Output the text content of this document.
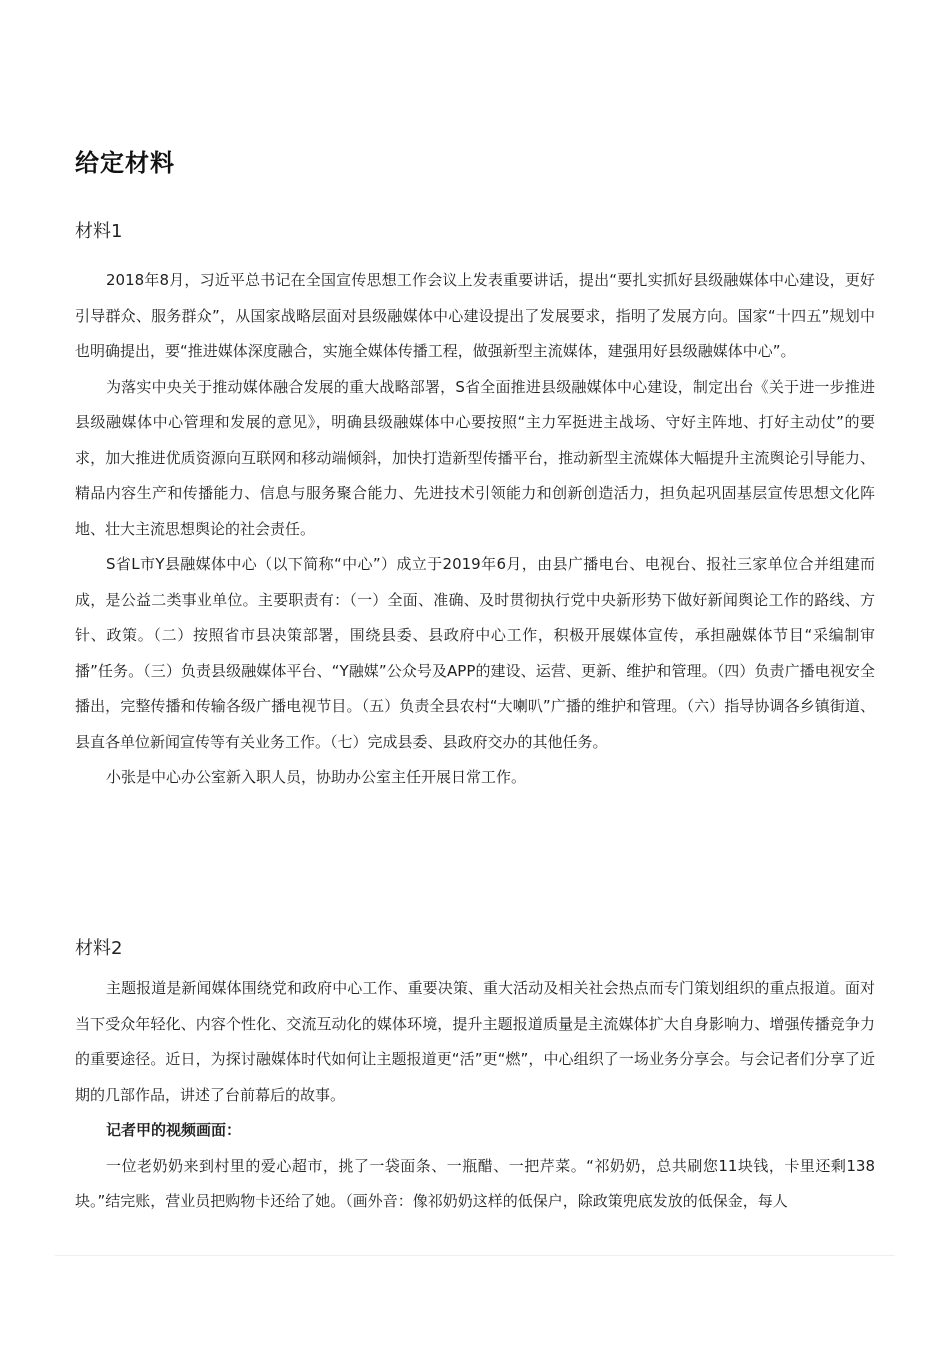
给定材料
材料1

2018年8月，习近平总书记在全国宣传思想工作会议上发表重要讲话，提出“要扎实抓好县级融媒体中心建设，更好引导群众、服务群众”，从国家战略层面对县级融媒体中心建设提出了发展要求，指明了发展方向。国家“十四五”规划中也明确提出，要“推进媒体深度融合，实施全媒体传播工程，做强新型主流媒体，建强用好县级融媒体中心”。

为落实中央关于推动媒体融合发展的重大战略部署，S省全面推进县级融媒体中心建设，制定出台《关于进一步推进县级融媒体中心管理和发展的意见》，明确县级融媒体中心要按照“主力军挺进主战场、守好主阵地、打好主动仗”的要求，加大推进优质资源向互联网和移动端倾斜，加快打造新型传播平台，推动新型主流媒体大幅提升主流舆论引导能力、精品内容生产和传播能力、信息与服务聚合能力、先进技术引领能力和创新创造活力，担负起巩固基层宣传思想文化阵地、壮大主流思想舆论的社会责任。

S省L市Y县融媒体中心（以下简称“中心”）成立于2019年6月，由县广播电台、电视台、报社三家单位合并组建而成，是公益二类事业单位。主要职责有：（一）全面、准确、及时贯彻执行党中央新形势下做好新闻舆论工作的路线、方针、政策。（二）按照省市县决策部署，围绕县委、县政府中心工作，积极开展媒体宣传，承担融媒体节目“采编制审播”任务。（三）负责县级融媒体平台、“Y融媒”公众号及APP的建设、运营、更新、维护和管理。（四）负责广播电视安全播出，完整传播和传输各级广播电视节目。（五）负责全县农村“大喇叭”广播的维护和管理。（六）指导协调各乡镇街道、县直各单位新闻宣传等有关业务工作。（七）完成县委、县政府交办的其他任务。

小张是中心办公室新入职人员，协助办公室主任开展日常工作。

材料2

主题报道是新闻媒体围绕党和政府中心工作、重要决策、重大活动及相关社会热点而专门策划组织的重点报道。面对当下受众年轻化、内容个性化、交流互动化的媒体环境，提升主题报道质量是主流媒体扩大自身影响力、增强传播竞争力的重要途径。近日，为探讨融媒体时代如何让主题报道更“活”更“燃”，中心组织了一场业务分享会。与会记者们分享了近期的几部作品，讲述了台前幕后的故事。

记者甲的视频画面：

一位老奶奶来到村里的爱心超市，挑了一袋面条、一瓶醋、一把芹菜。“祁奶奶，总共刷您11块钱，卡里还剩138块。”结完账，营业员把购物卡还给了她。（画外音：像祁奶奶这样的低保户，除政策兜底发放的低保金，每人
